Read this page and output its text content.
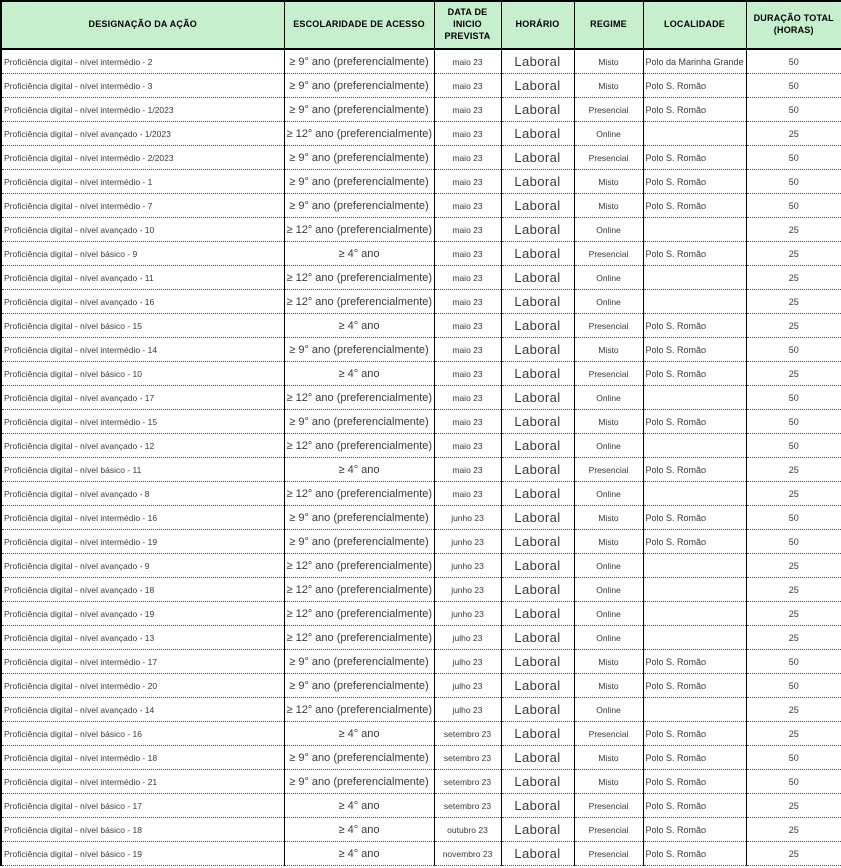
DESIGNAÇÃO DA AÇÃO	ESCOLARIDADE DE ACESSO	DATA DE INICIO PREVISTA	HORÁRIO	REGIME	LOCALIDADE	DURAÇÃO TOTAL (HORAS)
Proficiência digital - nível intermédio - 2	≥ 9° ano (preferencialmente)	maio 23	Laboral	Misto	Polo da Marinha Grande	50
Proficiência digital - nível intermédio - 3	≥ 9° ano (preferencialmente)	maio 23	Laboral	Misto	Polo S. Romão	50
Proficiência digital - nível intermédio - 1/2023	≥ 9° ano (preferencialmente)	maio 23	Laboral	Presencial	Polo S. Romão	50
Proficiência digital - nível avançado - 1/2023	≥ 12° ano (preferencialmente)	maio 23	Laboral	Online		25
Proficiência digital - nível intermédio - 2/2023	≥ 9° ano (preferencialmente)	maio 23	Laboral	Presencial	Polo S. Romão	50
Proficiência digital - nível intermédio - 1	≥ 9° ano (preferencialmente)	maio 23	Laboral	Misto	Polo S. Romão	50
Proficiência digital - nível intermédio - 7	≥ 9° ano (preferencialmente)	maio 23	Laboral	Misto	Polo S. Romão	50
Proficiência digital - nível avançado - 10	≥ 12° ano (preferencialmente)	maio 23	Laboral	Online		25
Proficiência digital - nível básico - 9	≥ 4° ano	maio 23	Laboral	Presencial	Polo S. Romão	25
Proficiência digital - nível avançado - 11	≥ 12° ano (preferencialmente)	maio 23	Laboral	Online		25
Proficiência digital - nível avançado - 16	≥ 12° ano (preferencialmente)	maio 23	Laboral	Online		25
Proficiência digital - nível básico - 15	≥ 4° ano	maio 23	Laboral	Presencial	Polo S. Romão	25
Proficiência digital - nível intermédio - 14	≥ 9° ano (preferencialmente)	maio 23	Laboral	Misto	Polo S. Romão	50
Proficiência digital - nível básico - 10	≥ 4° ano	maio 23	Laboral	Presencial	Polo S. Romão	25
Proficiência digital - nível avançado - 17	≥ 12° ano (preferencialmente)	maio 23	Laboral	Online		50
Proficiência digital - nível intermédio - 15	≥ 9° ano (preferencialmente)	maio 23	Laboral	Misto	Polo S. Romão	50
Proficiência digital - nível avançado - 12	≥ 12° ano (preferencialmente)	maio 23	Laboral	Online		50
Proficiência digital - nível básico - 11	≥ 4° ano	maio 23	Laboral	Presencial	Polo S. Romão	25
Proficiência digital - nível avançado - 8	≥ 12° ano (preferencialmente)	maio 23	Laboral	Online		25
Proficiência digital - nível intermédio - 16	≥ 9° ano (preferencialmente)	junho 23	Laboral	Misto	Polo S. Romão	50
Proficiência digital - nível intermédio - 19	≥ 9° ano (preferencialmente)	junho 23	Laboral	Misto	Polo S. Romão	50
Proficiência digital - nível avançado - 9	≥ 12° ano (preferencialmente)	junho 23	Laboral	Online		25
Proficiência digital - nível avançado - 18	≥ 12° ano (preferencialmente)	junho 23	Laboral	Online		25
Proficiência digital - nível avançado - 19	≥ 12° ano (preferencialmente)	junho 23	Laboral	Online		25
Proficiência digital - nível avançado - 13	≥ 12° ano (preferencialmente)	julho 23	Laboral	Online		25
Proficiência digital - nível intermédio - 17	≥ 9° ano (preferencialmente)	julho 23	Laboral	Misto	Polo S. Romão	50
Proficiência digital - nível intermédio - 20	≥ 9° ano (preferencialmente)	julho 23	Laboral	Misto	Polo S. Romão	50
Proficiência digital - nível avançado - 14	≥ 12° ano (preferencialmente)	julho 23	Laboral	Online		25
Proficiência digital - nível básico - 16	≥ 4° ano	setembro 23	Laboral	Presencial	Polo S. Romão	25
Proficiência digital - nível intermédio - 18	≥ 9° ano (preferencialmente)	setembro 23	Laboral	Misto	Polo S. Romão	50
Proficiência digital - nível intermédio - 21	≥ 9° ano (preferencialmente)	setembro 23	Laboral	Misto	Polo S. Romão	50
Proficiência digital - nível básico - 17	≥ 4° ano	setembro 23	Laboral	Presencial	Polo S. Romão	25
Proficiência digital - nível básico - 18	≥ 4° ano	outubro 23	Laboral	Presencial	Polo S. Romão	25
Proficiência digital - nível básico - 19	≥ 4° ano	novembro 23	Laboral	Presencial	Polo S. Romão	25
